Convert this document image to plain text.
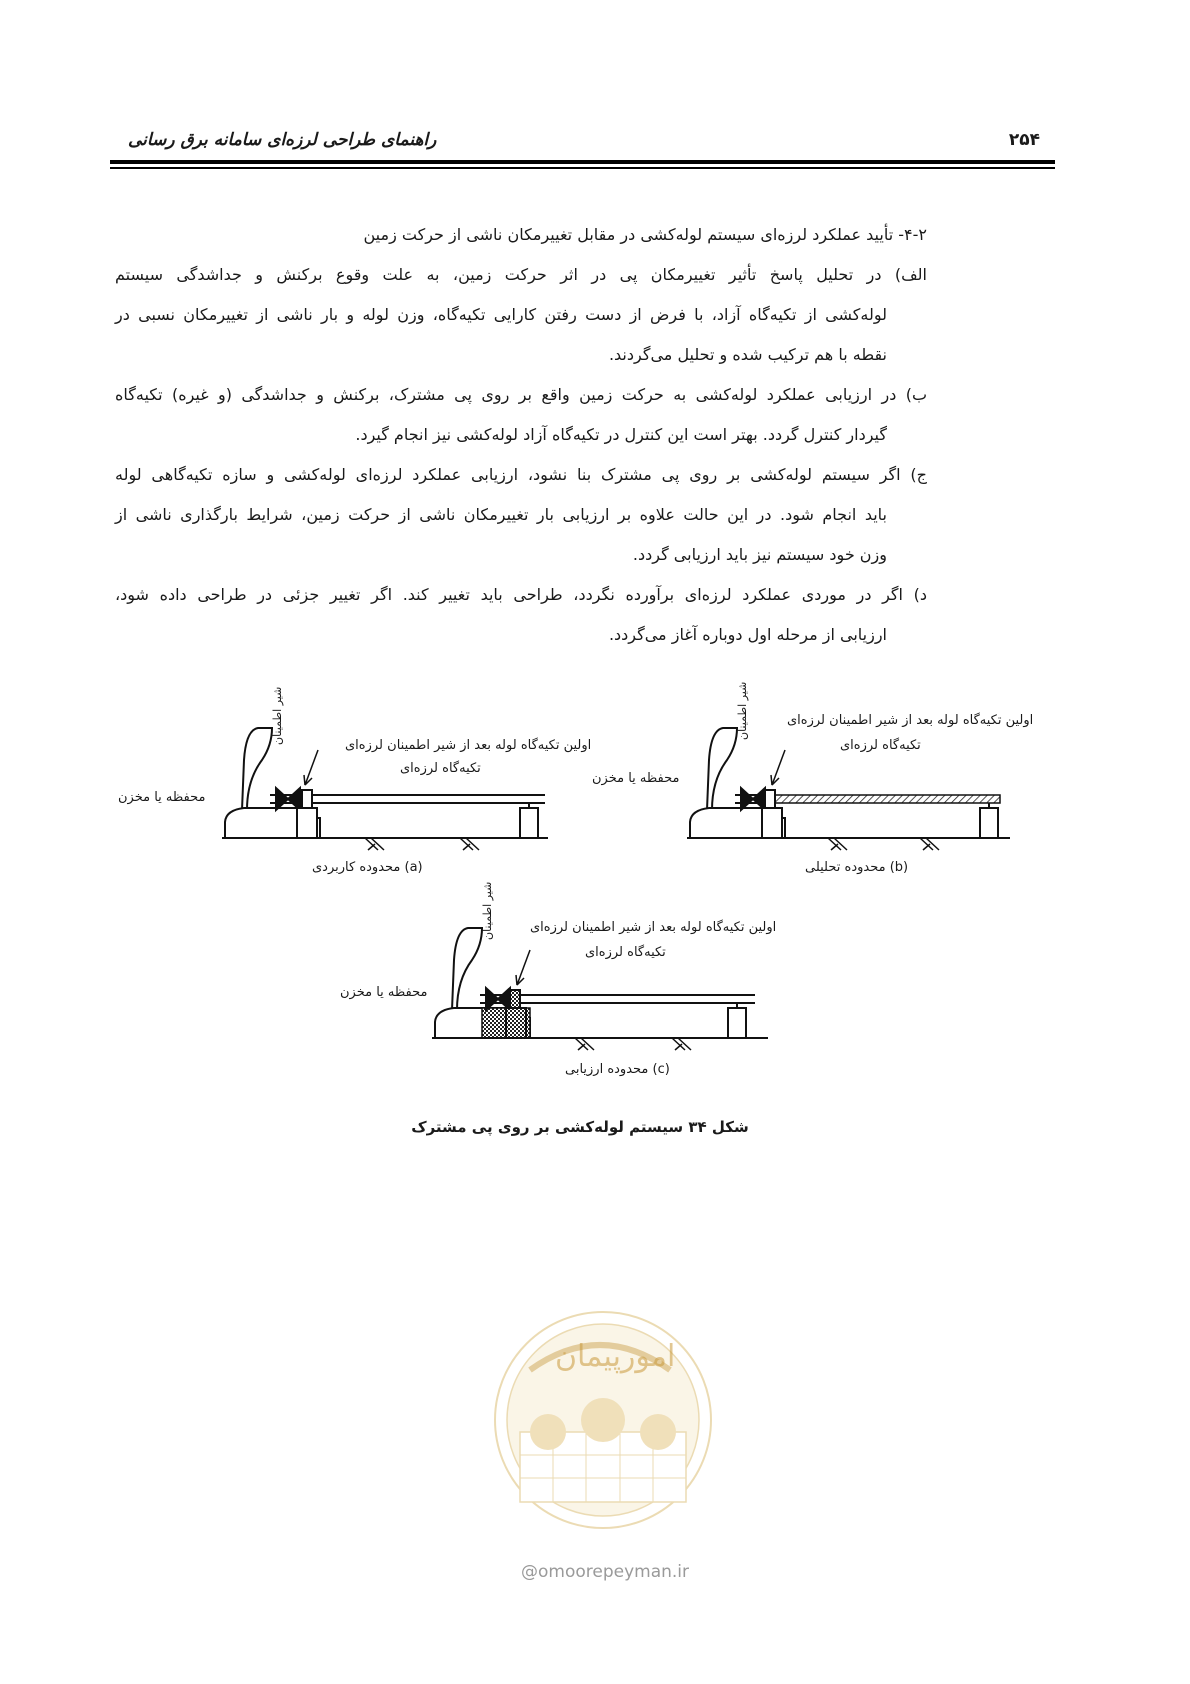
راهنمای طراحی لرزه‌ای سامانه برق رسانی	۲۵۴
۴-۲- تأیید عملکرد لرزه‌ای سیستم لوله‌کشی در مقابل تغییرمکان ناشی از حرکت زمین
الف) در تحلیل پاسخ تأثیر تغییرمکان پی در اثر حرکت زمین، به علت وقوع برکنش و جداشدگی سیستم
لوله‌کشی از تکیه‌گاه آزاد، با فرض از دست رفتن کارایی تکیه‌گاه، وزن لوله و بار ناشی از تغییرمکان نسبی در
نقطه با هم ترکیب شده و تحلیل می‌گردند.
ب) در ارزیابی عملکرد لوله‌کشی به حرکت زمین واقع بر روی پی مشترک، برکنش و جداشدگی (و غیره) تکیه‌گاه
گیردار کنترل گردد. بهتر است این کنترل در تکیه‌گاه آزاد لوله‌کشی نیز انجام گیرد.
ج) اگر سیستم لوله‌کشی بر روی پی مشترک بنا نشود، ارزیابی عملکرد لرزه‌ای لوله‌کشی و سازه تکیه‌گاهی لوله
باید انجام شود. در این حالت علاوه بر ارزیابی بار تغییرمکان ناشی از حرکت زمین، شرایط بارگذاری ناشی از
وزن خود سیستم نیز باید ارزیابی گردد.
د) اگر در موردی عملکرد لرزه‌ای برآورده نگردد، طراحی باید تغییر کند. اگر تغییر جزئی در طراحی داده شود،
ارزیابی از مرحله اول دوباره آغاز می‌گردد.
اولین تکیه‌گاه لوله بعد از شیر اطمینان لرزه‌ای
تکیه‌گاه لرزه‌ای
محفظه یا مخزن
شیر اطمینان
(a) محدوده کاربردی
اولین تکیه‌گاه لوله بعد از شیر اطمینان لرزه‌ای
تکیه‌گاه لرزه‌ای
محفظه یا مخزن
شیر اطمینان
(b) محدوده تحلیلی
اولین تکیه‌گاه لوله بعد از شیر اطمینان لرزه‌ای
تکیه‌گاه لرزه‌ای
محفظه یا مخزن
شیر اطمینان
(c) محدوده ارزیابی
شکل ۳۴ سیستم لوله‌کشی بر روی پی مشترک
امورپیمان
@omoorepeyman.ir
